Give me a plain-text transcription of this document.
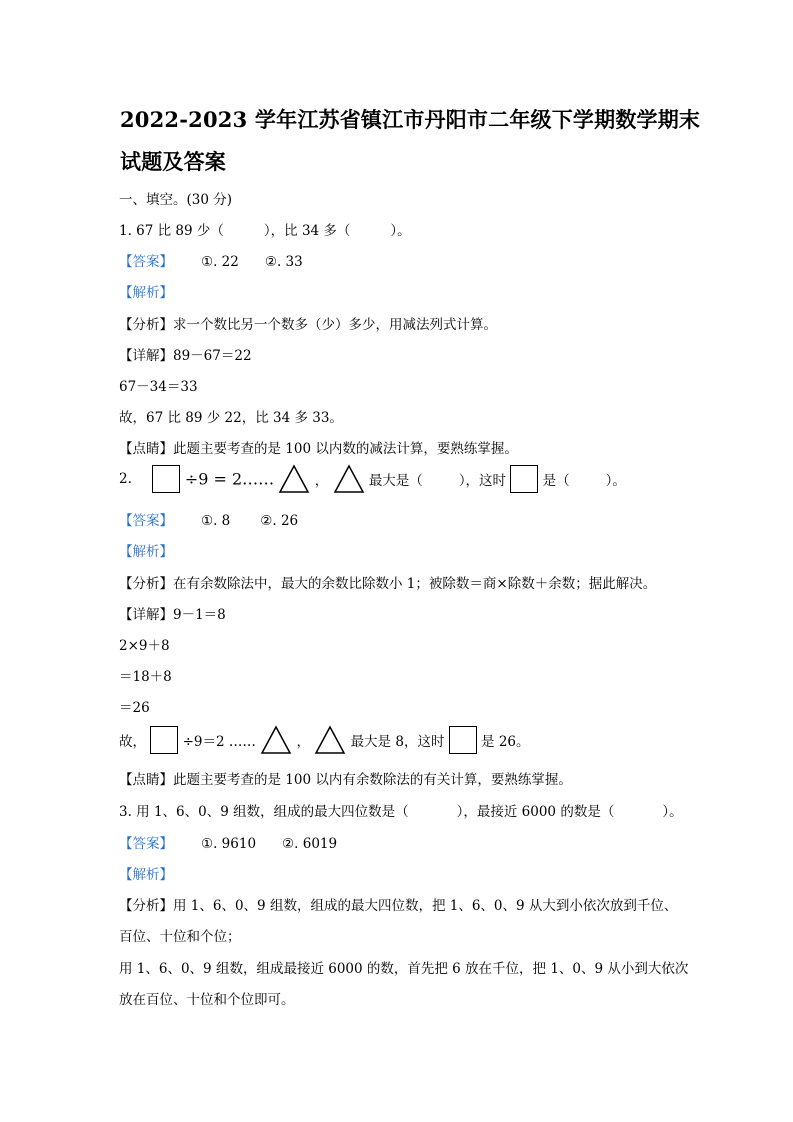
2022-2023 学年江苏省镇江市丹阳市二年级下学期数学期末
试题及答案
一、填空。(30 分)
1. 67 比 89 少（	），比 34 多（	）。
【答案】 ①. 22 ②. 33
【解析】
【分析】求一个数比另一个数多（少）多少，用减法列式计算。
【详解】89－67＝22
67－34＝33
故，67 比 89 少 22，比 34 多 33。
【点睛】此题主要考查的是 100 以内数的减法计算，要熟练掌握。
2.	÷9 = 2……	，	最大是（	），这时	是（	）。
【答案】 ①. 8 ②. 26
【解析】
【分析】在有余数除法中，最大的余数比除数小 1；被除数＝商×除数＋余数；据此解决。
【详解】9－1＝8
2×9＋8
＝18＋8
＝26
故，	÷9＝2 ……	，	最大是 8，这时	是 26。
【点睛】此题主要考查的是 100 以内有余数除法的有关计算，要熟练掌握。
3. 用 1、6、0、9 组数，组成的最大四位数是（	），最接近 6000 的数是（	）。
【答案】 ①. 9610 ②. 6019
【解析】
【分析】用 1、6、0、9 组数，组成的最大四位数，把 1、6、0、9 从大到小依次放到千位、
百位、十位和个位；
用 1、6、0、9 组数，组成最接近 6000 的数，首先把 6 放在千位，把 1、0、9 从小到大依次
放在百位、十位和个位即可。
